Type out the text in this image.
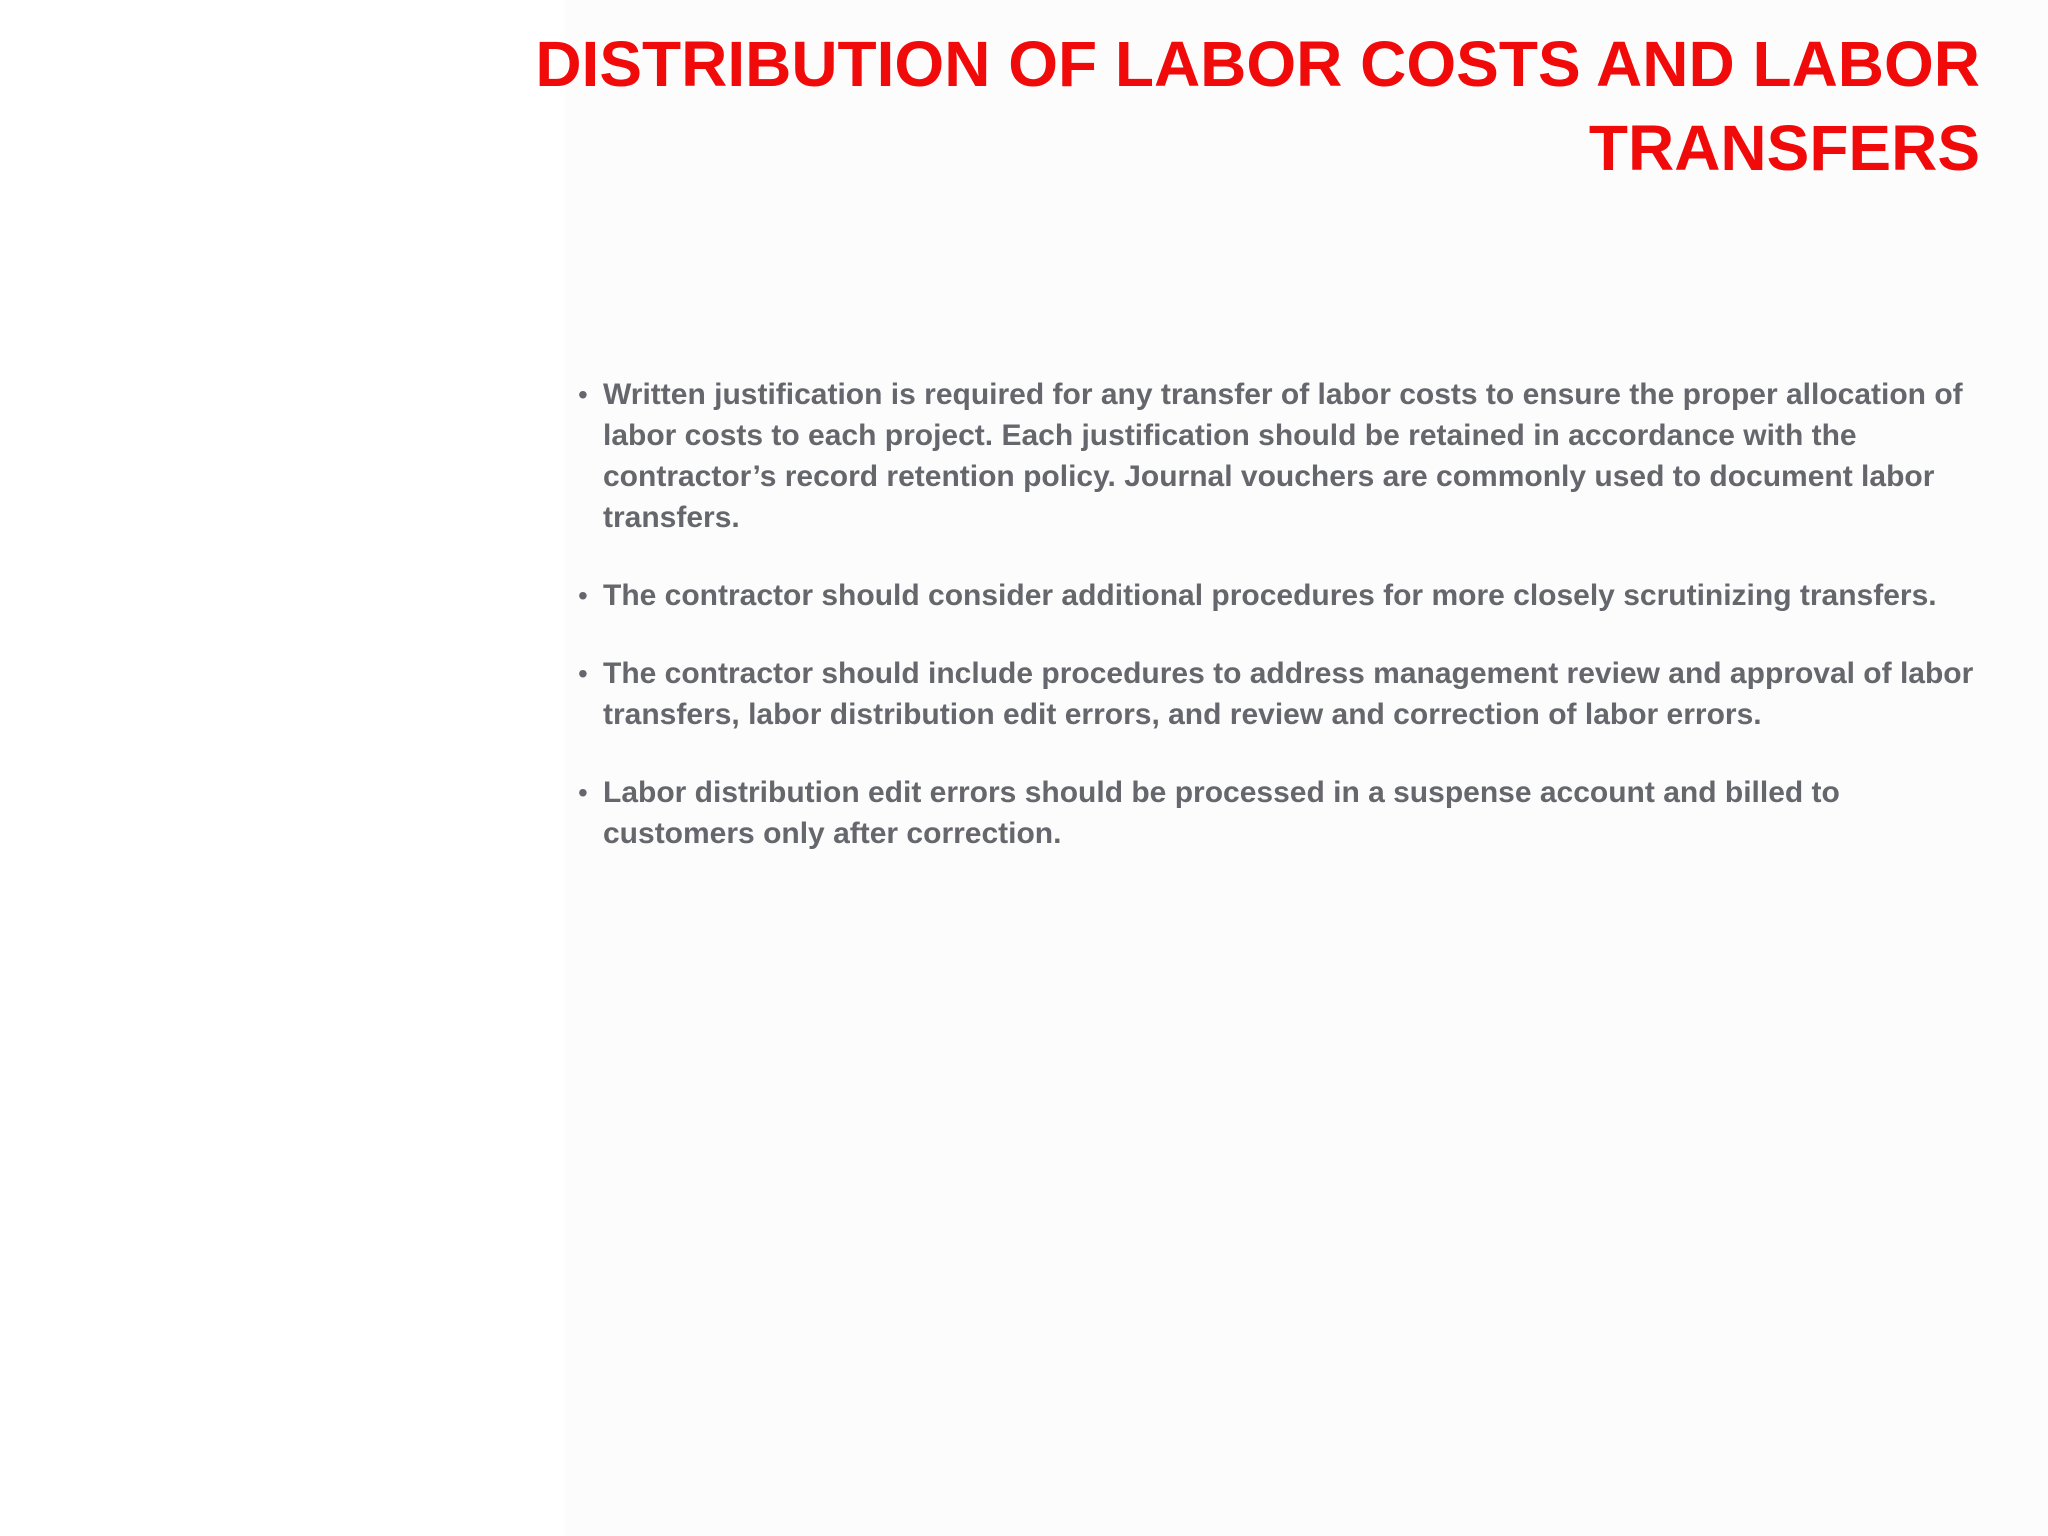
DISTRIBUTION OF LABOR COSTS AND LABOR TRANSFERS
• Written justification is required for any transfer of labor costs to ensure the proper allocation of labor costs to each project. Each justification should be retained in accordance with the contractor’s record retention policy. Journal vouchers are commonly used to document labor transfers.
• The contractor should consider additional procedures for more closely scrutinizing transfers.
• The contractor should include procedures to address management review and approval of labor transfers, labor distribution edit errors, and review and correction of labor errors.
• Labor distribution edit errors should be processed in a suspense account and billed to customers only after correction.
